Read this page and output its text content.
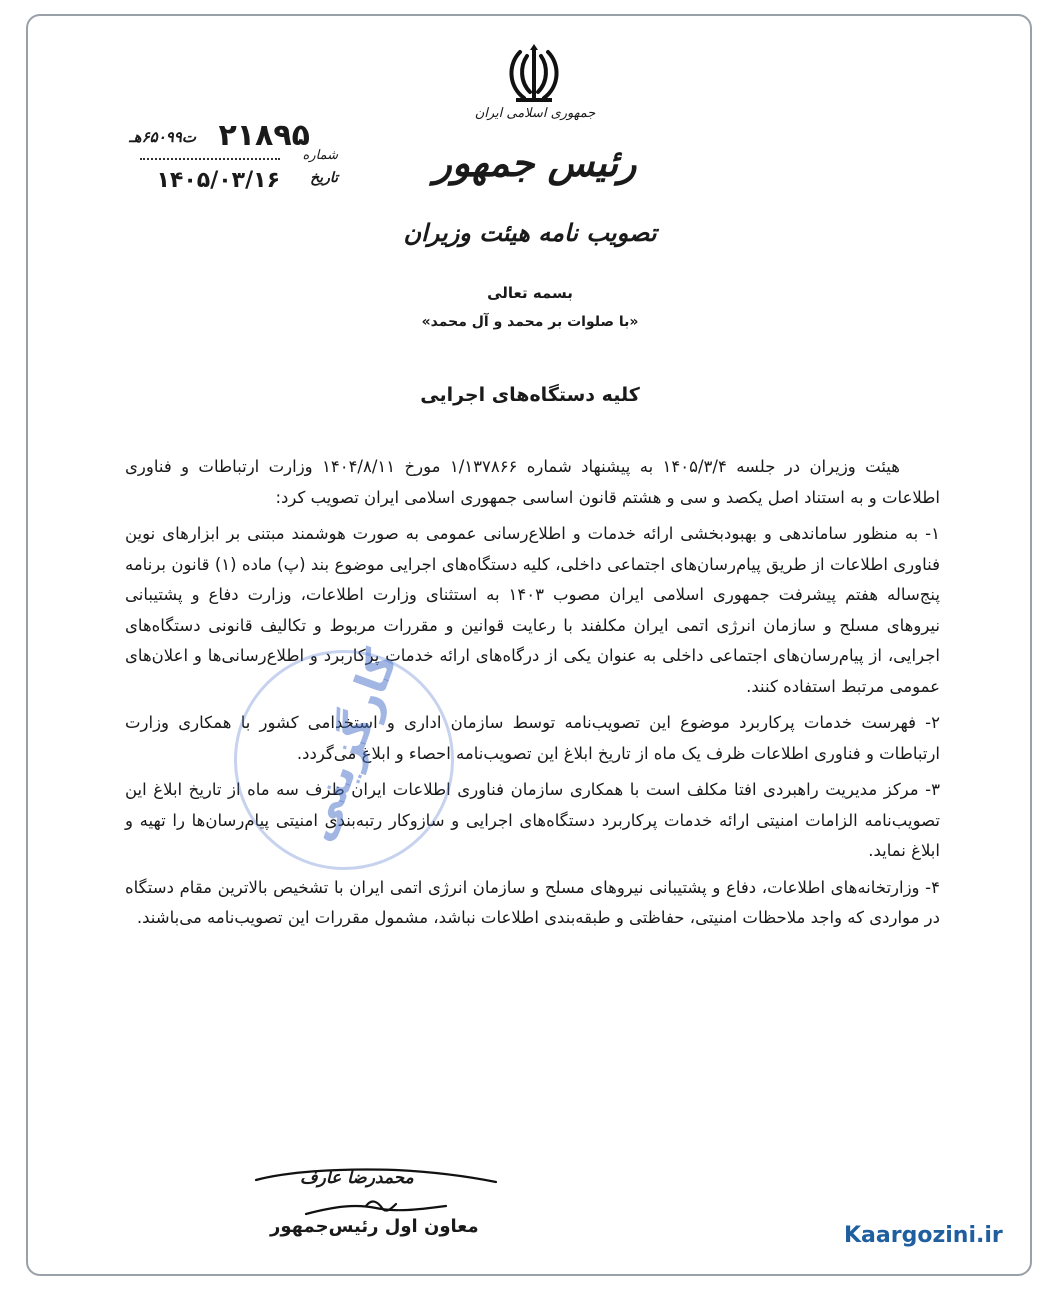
جمهوری اسلامی ایران
رئیس جمهور
تصویب نامه هیئت وزیران
۲۱۸۹۵
ت۶۵۰۹۹هـ
شماره
تاریخ
۱۴۰۵/۰۳/۱۶
بسمه تعالی
«با صلوات بر محمد و آل محمد»
کلیه دستگاه‌های اجرایی

هیئت وزیران در جلسه ۱۴۰۵/۳/۴ به پیشنهاد شماره ۱/۱۳۷۸۶۶ مورخ ۱۴۰۴/۸/۱۱ وزارت ارتباطات و فناوری اطلاعات و به استناد اصل یکصد و سی و هشتم قانون اساسی جمهوری اسلامی ایران تصویب کرد:

۱- به منظور ساماندهی و بهبودبخشی ارائه خدمات و اطلاع‌رسانی عمومی به صورت هوشمند مبتنی بر ابزارهای نوین فناوری اطلاعات از طریق پیام‌رسان‌های اجتماعی داخلی، کلیه دستگاه‌های اجرایی موضوع بند (پ) ماده (۱) قانون برنامه پنج‌ساله هفتم پیشرفت جمهوری اسلامی ایران مصوب ۱۴۰۳ به استثنای وزارت اطلاعات، وزارت دفاع و پشتیبانی نیروهای مسلح و سازمان انرژی اتمی ایران مکلفند با رعایت قوانین و مقررات مربوط و تکالیف قانونی دستگاه‌های اجرایی، از پیام‌رسان‌های اجتماعی داخلی به عنوان یکی از درگاه‌های ارائه خدمات پرکاربرد و اطلاع‌رسانی‌ها و اعلان‌های عمومی مرتبط استفاده کنند.

۲- فهرست خدمات پرکاربرد موضوع این تصویب‌نامه توسط سازمان اداری و استخدامی کشور با همکاری وزارت ارتباطات و فناوری اطلاعات ظرف یک ماه از تاریخ ابلاغ این تصویب‌نامه احصاء و ابلاغ می‌گردد.

۳- مرکز مدیریت راهبردی افتا مکلف است با همکاری سازمان فناوری اطلاعات ایران ظرف سه ماه از تاریخ ابلاغ این تصویب‌نامه الزامات امنیتی ارائه خدمات پرکاربرد دستگاه‌های اجرایی و سازوکار رتبه‌بندی امنیتی پیام‌رسان‌ها را تهیه و ابلاغ نماید.

۴- وزارتخانه‌های اطلاعات، دفاع و پشتیبانی نیروهای مسلح و سازمان انرژی اتمی ایران با تشخیص بالاترین مقام دستگاه در مواردی که واجد ملاحظات امنیتی، حفاظتی و طبقه‌بندی اطلاعات نباشد، مشمول مقررات این تصویب‌نامه می‌باشند.

کارگزینی
محمدرضا عارف
معاون اول رئیس‌جمهور	Kaargozini.ir
